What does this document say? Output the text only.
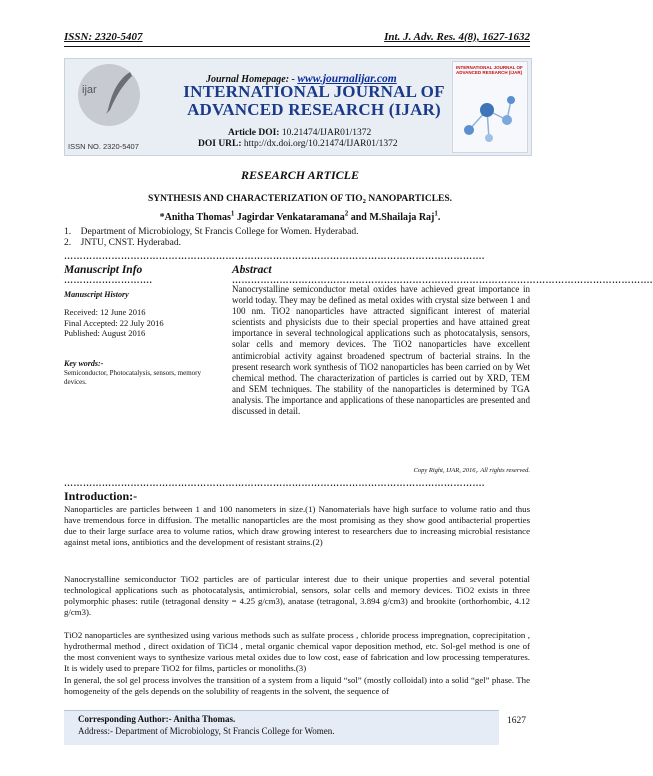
ISSN: 2320-5407	Int. J. Adv. Res. 4(8), 1627-1632
ijar
ISSN NO. 2320-5407
Journal Homepage: - www.journalijar.com
INTERNATIONAL JOURNAL OF
ADVANCED RESEARCH (IJAR)
Article DOI: 10.21474/IJAR01/1372
DOI URL: http://dx.doi.org/10.21474/IJAR01/1372
INTERNATIONAL JOURNAL OF ADVANCED RESEARCH (IJAR)
RESEARCH ARTICLE
SYNTHESIS AND CHARACTERIZATION OF $TIO_2$ NANOPARTICLES.
*Anitha Thomas$^1$ Jagirdar Venkataramana$^2$ and M.Shailaja Raj$^1$.
1.    Department of Microbiology, St Francis College for Women. Hyderabad.
2.    JNTU, CNST. Hyderabad.
…………………………………………………………………………………………………………………….
Manuscript Info	Abstract
……………………….	…………………………………………………………………………………………………………………….
Manuscript History
Received: 12 June 2016
Final Accepted: 22 July 2016
Published: August 2016
Key words:-
Semiconductor, Photocatalysis, sensors, memory devices.
Nanocrystalline semiconductor metal oxides have achieved great importance in world today. They may be defined as metal oxides with crystal size between 1 and 100 nm. TiO2 nanoparticles have attracted significant interest of material scientists and physicists due to their special properties and have attained great importance in several technological applications such as photocatalysis, sensors, solar cells and memory devices. The TiO2 nanoparticles have excellent antimicrobial activity against broadened spectrum of bacterial strains. In the present research work synthesis of TiO2 nanoparticles has been carried on by Wet chemical method. The characterization of particles is carried out by XRD, TEM and SEM techniques. The stability of the nanoparticles is determined by TGA analysis. The importance and applications of these nanoparticles are presented and discussed in detail.
Copy Right, IJAR, 2016,. All rights reserved.
…………………………………………………………………………………………………………………….
Introduction:-
Nanoparticles are particles between 1 and 100 nanometers in size.(1) Nanomaterials have high surface to volume ratio and thus have tremendous force in diffusion. The metallic nanoparticles are the most promising as they show good antibacterial properties due to their large surface area to volume ratios, which draw growing interest to researchers due to increasing microbial resistance against metal ions, antibiotics and the development of resistant strains.(2)
Nanocrystalline semiconductor TiO2 particles are of particular interest due to their unique properties and several potential technological applications such as photocatalysis, antimicrobial, sensors, solar cells and memory devices. TiO2 exists in three polymorphic phases: rutile (tetragonal density = 4.25 g/cm3), anatase (tetragonal, 3.894 g/cm3) and brookite (orthorhombic, 4.12 g/cm3).
TiO2 nanoparticles are synthesized using various methods such as sulfate process , chloride process impregnation, coprecipitation , hydrothermal method , direct oxidation of TiCl4 , metal organic chemical vapor deposition method, etc. Sol-gel method is one of the most convenient ways to synthesize various metal oxides due to low cost, ease of fabrication and low processing temperatures. It is widely used to prepare TiO2 for films, particles or monoliths.(3)
In general, the sol gel process involves the transition of a system from a liquid “sol” (mostly colloidal) into a solid “gel” phase. The homogeneity of the gels depends on the solubility of reagents in the solvent, the sequence of
Corresponding Author:- Anitha Thomas.
Address:- Department of Microbiology, St Francis College for Women.
1627
